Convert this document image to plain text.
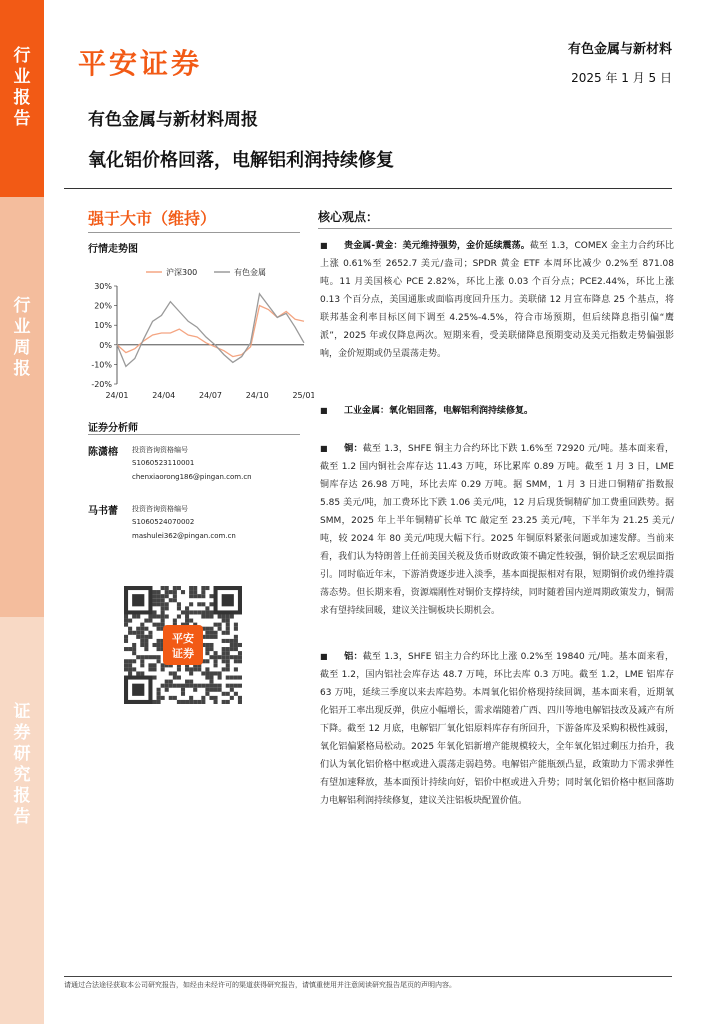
行
业
报
告
行
业
周
报
证
券
研
究
报
告
平安证券	有色金属与新材料
2025 年 1 月 5 日
有色金属与新材料周报
氧化铝价格回落，电解铝利润持续修复
强于大市（维持）
行情走势图
30%
20%
10%
0%
-10%
-20%
24/01	24/04	24/07	24/10	25/01
沪深300	有色金属
证券分析师
陈潇榕 投资咨询资格编号
S1060523110001
chenxiaorong186@pingan.com.cn
马书蕾 投资咨询资格编号
S1060524070002
mashulei362@pingan.com.cn
平安
证券
核心观点：
■ 贵金属-黄金：美元维持强势，金价延续震荡。截至 1.3，COMEX 金主力合约环比上涨 0.61%至 2652.7 美元/盎司；SPDR 黄金 ETF 本周环比减少 0.2%至 871.08 吨。11 月美国核心 PCE 2.82%，环比上涨 0.03 个百分点；PCE2.44%，环比上涨 0.13 个百分点，美国通胀或面临再度回升压力。美联储 12 月宣布降息 25 个基点，将联邦基金利率目标区间下调至 4.25%-4.5%，符合市场预期，但后续降息指引偏“鹰派”，2025 年或仅降息两次。短期来看，受美联储降息预期变动及美元指数走势偏强影响，金价短期或仍呈震荡走势。
■ 工业金属：氧化铝回落，电解铝利润持续修复。
■ 铜：截至 1.3，SHFE 铜主力合约环比下跌 1.6%至 72920 元/吨。基本面来看，截至 1.2 国内铜社会库存达 11.43 万吨，环比累库 0.89 万吨。截至 1 月 3 日，LME 铜库存达 26.98 万吨，环比去库 0.29 万吨。据 SMM，1 月 3 日进口铜精矿指数报 5.85 美元/吨，加工费环比下跌 1.06 美元/吨，12 月后现货铜精矿加工费重回跌势。据 SMM，2025 年上半年铜精矿长单 TC 敲定至 23.25 美元/吨，下半年为 21.25 美元/吨，较 2024 年 80 美元/吨现大幅下行。2025 年铜原料紧张问题或加速发酵。当前来看，我们认为特朗普上任前美国关税及货币财政政策不确定性较强，铜价缺乏宏观层面指引。同时临近年末，下游消费逐步进入淡季，基本面提振相对有限，短期铜价或仍维持震荡态势。但长期来看，资源端刚性对铜价支撑持续，同时随着国内逆周期政策发力，铜需求有望持续回暖，建议关注铜板块长期机会。
■ 铝：截至 1.3，SHFE 铝主力合约环比上涨 0.2%至 19840 元/吨。基本面来看，截至 1.2，国内铝社会库存达 48.7 万吨，环比去库 0.3 万吨。截至 1.2，LME 铝库存 63 万吨，延续三季度以来去库趋势。本周氧化铝价格现持续回调，基本面来看，近期氧化铝开工率出现反弹，供应小幅增长，需求端随着广西、四川等地电解铝技改及减产有所下降。截至 12 月底，电解铝厂氧化铝原料库存有所回升，下游备库及采购积极性减弱，氧化铝偏紧格局松动。2025 年氧化铝新增产能规模较大，全年氧化铝过剩压力抬升，我们认为氧化铝价格中枢或进入震荡走弱趋势。电解铝产能瓶颈凸显，政策助力下需求弹性有望加速释放，基本面预计持续向好，铝价中枢或进入升势；同时氧化铝价格中枢回落助力电解铝利润持续修复，建议关注铝板块配置价值。
请通过合法途径获取本公司研究报告，如经由未经许可的渠道获得研究报告，请慎重使用并注意阅读研究报告尾页的声明内容。
